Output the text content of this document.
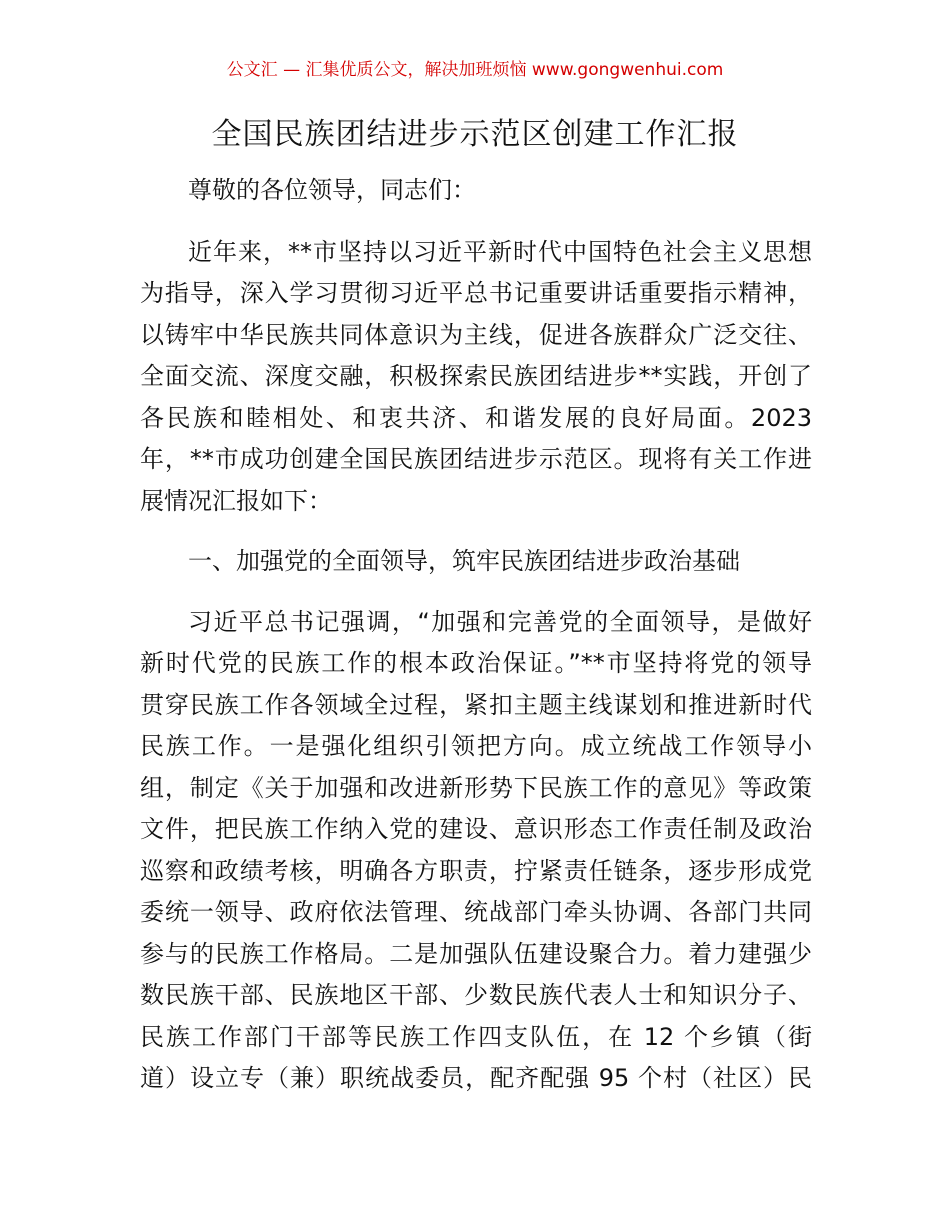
公文汇 — 汇集优质公文，解决加班烦恼 www.gongwenhui.com
全国民族团结进步示范区创建工作汇报
尊敬的各位领导，同志们：
近年来，**市坚持以习近平新时代中国特色社会主义思想
为指导，深入学习贯彻习近平总书记重要讲话重要指示精神，
以铸牢中华民族共同体意识为主线，促进各族群众广泛交往、
全面交流、深度交融，积极探索民族团结进步**实践，开创了
各民族和睦相处、和衷共济、和谐发展的良好局面。2023
年，**市成功创建全国民族团结进步示范区。现将有关工作进
展情况汇报如下：
一、加强党的全面领导，筑牢民族团结进步政治基础
习近平总书记强调，“加强和完善党的全面领导，是做好
新时代党的民族工作的根本政治保证。”**市坚持将党的领导
贯穿民族工作各领域全过程，紧扣主题主线谋划和推进新时代
民族工作。一是强化组织引领把方向。成立统战工作领导小
组，制定《关于加强和改进新形势下民族工作的意见》等政策
文件，把民族工作纳入党的建设、意识形态工作责任制及政治
巡察和政绩考核，明确各方职责，拧紧责任链条，逐步形成党
委统一领导、政府依法管理、统战部门牵头协调、各部门共同
参与的民族工作格局。二是加强队伍建设聚合力。着力建强少
数民族干部、民族地区干部、少数民族代表人士和知识分子、
民族工作部门干部等民族工作四支队伍，在 12 个乡镇（街
道）设立专（兼）职统战委员，配齐配强 95 个村（社区）民
